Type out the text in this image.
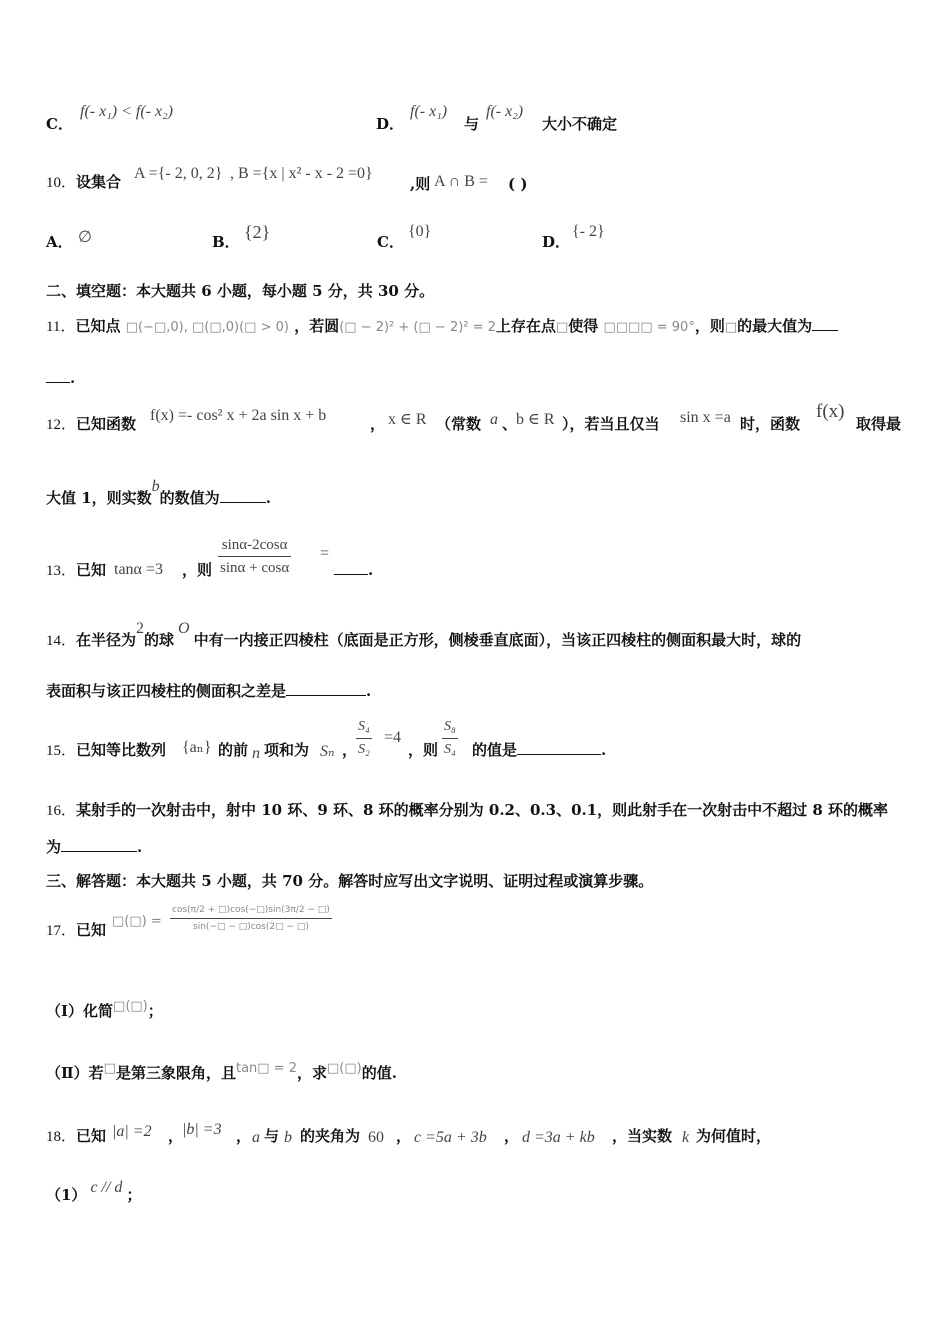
C．
f(- x₁) < f(- x₂)
D．
f(- x₁)
与
f(- x₂)
大小不确定
10．设集合 A ={- 2, 0, 2} , B ={x | x² - x - 2 =0}
,则 A ∩ B = ( )
A． ∅	B． {2}	C．
{0}
D．
{- 2}
二、填空题：本大题共 6 小题，每小题 5 分，共 30 分。
11．已知点 □(−□,0), □(□,0)(□ > 0) ，若圆(□ − 2)² + (□ − 2)² = 2上存在点□使得 □□□□ = 90°，则□的最大值为
.
12．已知函数 f(x) =- cos² x + 2a sin x + b	， x ∈ R （常数 a 、
b ∈ R ），若当且仅当 sin x =a 时，函数
f(x)
取得最
大值 1，则实数b的数值为	.
13．已知 tanα =3 ，则 $\frac{\sin\alpha-2\cos\alpha}{\sin\alpha + \cos\alpha}$ =
.
14．在半径为2的球O中有一内接正四棱柱（底面是正方形，侧棱垂直底面），当该正四棱柱的侧面积最大时，球的
表面积与该正四棱柱的侧面积之差是	.
15．已知等比数列 {aₙ} 的前 n 项和为 Sₙ ，
$\frac{\text{S₄}}{\text{S₂}} =4$
，则 $\frac{\text{S₈}}{\text{S₄}}$ 的值是	.
16．某射手的一次射击中，射中 10 环、9 环、8 环的概率分别为 0.2、0.3、0.1，则此射手在一次射击中不超过 8 环的概率
为	.
三、解答题：本大题共 5 小题，共 70 分。解答时应写出文字说明、证明过程或演算步骤。
17．已知 □(□) = $\frac{\cos(\pi/2 + □)\cos(-□)\sin(3\pi/2 - □)}{\sin(-□ - □)\cos(2□ - □)}$
（Ⅰ）化简□(□)；
（Ⅱ）若□是第三象限角，且tan□ = 2，求□(□)的值.
18．已知 |a| =2 ，
|b| =3 ， a 与 b 的夹角为 60 ， c =5a + 3b ， d =3a + kb ，当实数 k 为何值时，
（1） c // d ；
